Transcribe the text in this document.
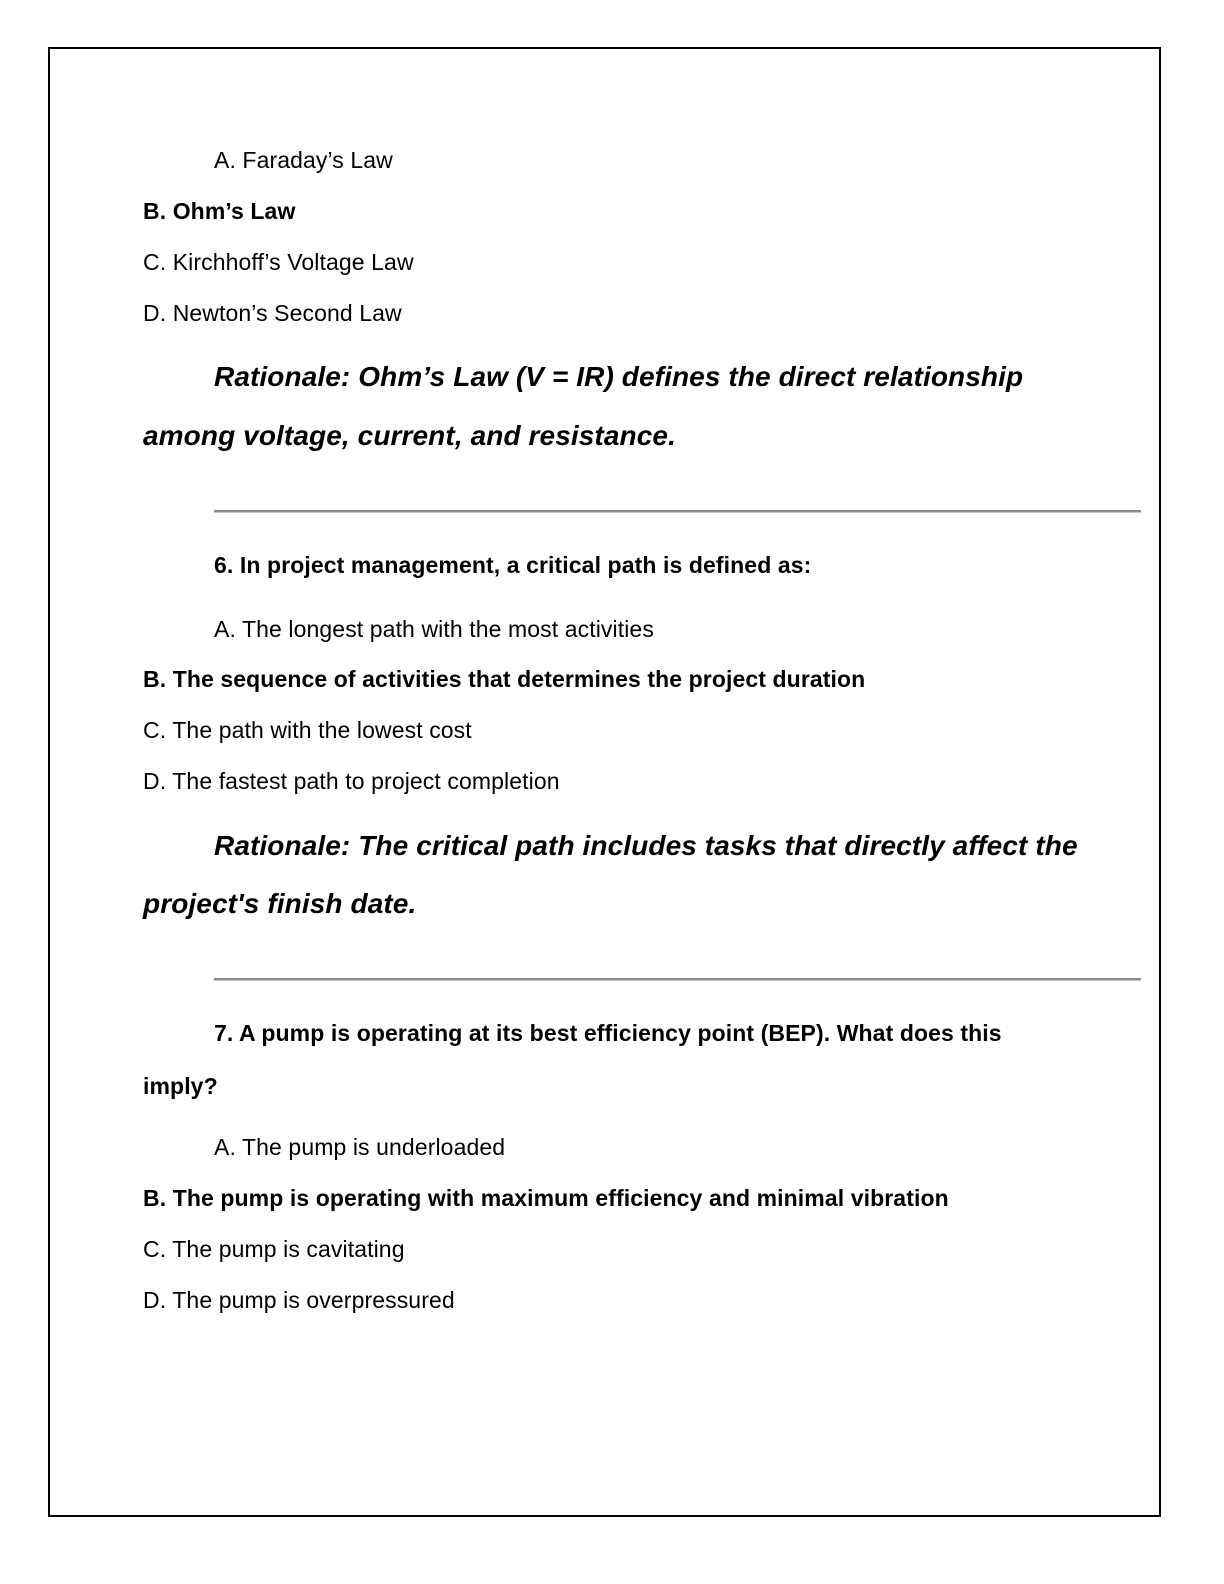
A. Faraday’s Law
B. Ohm’s Law
C. Kirchhoff’s Voltage Law
D. Newton’s Second Law
Rationale: Ohm’s Law (V = IR) defines the direct relationship
among voltage, current, and resistance.
6. In project management, a critical path is defined as:
A. The longest path with the most activities
B. The sequence of activities that determines the project duration
C. The path with the lowest cost
D. The fastest path to project completion
Rationale: The critical path includes tasks that directly affect the
project's finish date.
7. A pump is operating at its best efficiency point (BEP). What does this
imply?
A. The pump is underloaded
B. The pump is operating with maximum efficiency and minimal vibration
C. The pump is cavitating
D. The pump is overpressured
